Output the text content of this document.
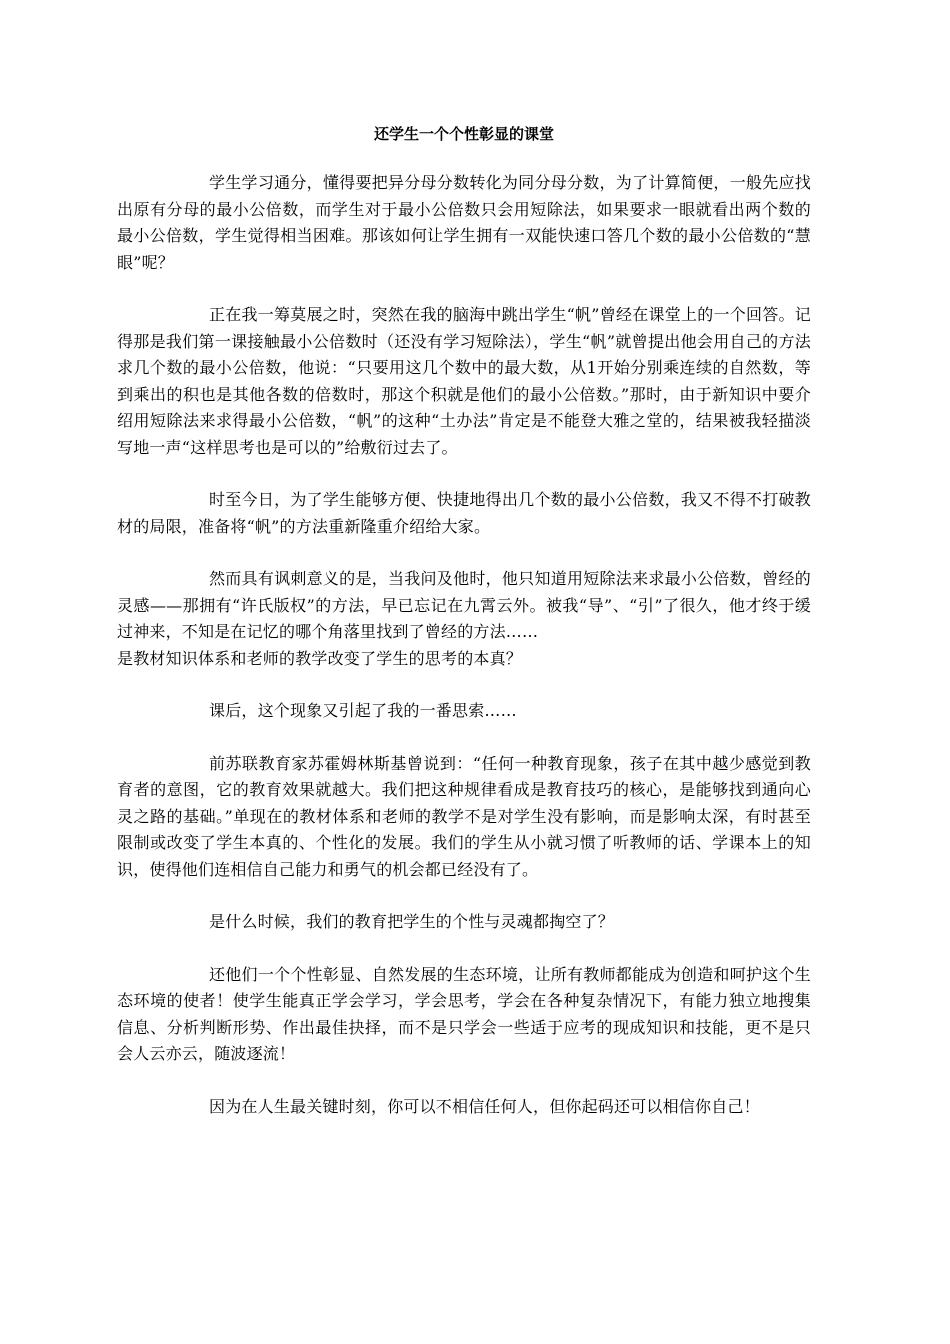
还学生一个个性彰显的课堂

学生学习通分，懂得要把异分母分数转化为同分母分数，为了计算简便，一般先应找出原有分母的最小公倍数，而学生对于最小公倍数只会用短除法，如果要求一眼就看出两个数的最小公倍数，学生觉得相当困难。那该如何让学生拥有一双能快速口答几个数的最小公倍数的“慧眼”呢？

正在我一筹莫展之时，突然在我的脑海中跳出学生“帆”曾经在课堂上的一个回答。记得那是我们第一课接触最小公倍数时（还没有学习短除法），学生“帆”就曾提出他会用自己的方法求几个数的最小公倍数，他说：“只要用这几个数中的最大数，从1开始分别乘连续的自然数，等到乘出的积也是其他各数的倍数时，那这个积就是他们的最小公倍数。”那时，由于新知识中要介绍用短除法来求得最小公倍数，“帆”的这种“土办法”肯定是不能登大雅之堂的，结果被我轻描淡写地一声“这样思考也是可以的”给敷衍过去了。

时至今日，为了学生能够方便、快捷地得出几个数的最小公倍数，我又不得不打破教材的局限，准备将“帆”的方法重新隆重介绍给大家。

然而具有讽刺意义的是，当我问及他时，他只知道用短除法来求最小公倍数，曾经的灵感——那拥有“许氏版权”的方法，早已忘记在九霄云外。被我“导”、“引”了很久，他才终于缓过神来，不知是在记忆的哪个角落里找到了曾经的方法……

是教材知识体系和老师的教学改变了学生的思考的本真？

课后，这个现象又引起了我的一番思索……

前苏联教育家苏霍姆林斯基曾说到：“任何一种教育现象，孩子在其中越少感觉到教育者的意图，它的教育效果就越大。我们把这种规律看成是教育技巧的核心，是能够找到通向心灵之路的基础。”单现在的教材体系和老师的教学不是对学生没有影响，而是影响太深，有时甚至限制或改变了学生本真的、个性化的发展。我们的学生从小就习惯了听教师的话、学课本上的知识，使得他们连相信自己能力和勇气的机会都已经没有了。

是什么时候，我们的教育把学生的个性与灵魂都掏空了？

还他们一个个性彰显、自然发展的生态环境，让所有教师都能成为创造和呵护这个生态环境的使者！使学生能真正学会学习，学会思考，学会在各种复杂情况下，有能力独立地搜集信息、分析判断形势、作出最佳抉择，而不是只学会一些适于应考的现成知识和技能，更不是只会人云亦云，随波逐流！

因为在人生最关键时刻，你可以不相信任何人，但你起码还可以相信你自己！
